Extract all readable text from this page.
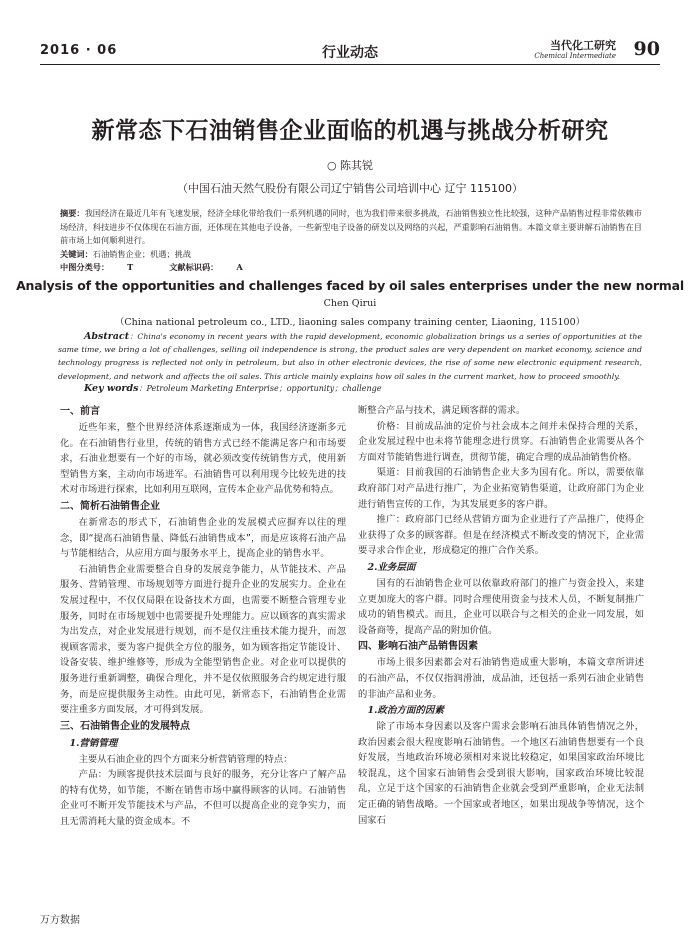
2016 · 06	行业动态	当代化工研究
Chemical Intermediate 90
新常态下石油销售企业面临的机遇与挑战分析研究
○ 陈其锐
（中国石油天然气股份有限公司辽宁销售公司培训中心 辽宁 115100）
摘要：我国经济在最近几年有飞速发展，经济全球化带给我们一系列机遇的同时，也为我们带来很多挑战，石油销售独立性比较强，这种产品销售过程非常依赖市场经济，科技进步不仅体现在石油方面，还体现在其他电子设备，一些新型电子设备的研发以及网络的兴起，严重影响石油销售。本篇文章主要讲解石油销售在目前市场上如何顺利进行。
关键词：石油销售企业；机遇；挑战
中图分类号： T	文献标识码： A
Analysis of the opportunities and challenges faced by oil sales enterprises under the new normal
Chen Qirui
（China national petroleum co., LTD., liaoning sales company training center, Liaoning, 115100）
Abstract：China's economy in recent years with the rapid development, economic globalization brings us a series of opportunities at the same time, we bring a lot of challenges, selling oil independence is strong, the product sales are very dependent on market economy, science and technology progress is reflected not only in petroleum, but also in other electronic devices, the rise of some new electronic equipment research, development, and network and affects the oil sales. This article mainly explains how oil sales in the current market, how to proceed smoothly.
Key words：Petroleum Marketing Enterprise；opportunity；challenge
一、前言

近些年来，整个世界经济体系逐渐成为一体，我国经济逐渐多元化。在石油销售行业里，传统的销售方式已经不能满足客户和市场要求，石油业想要有一个好的市场，就必须改变传统销售方式，使用新型销售方案，主动向市场进军。石油销售可以利用现今比较先进的技术对市场进行探索，比如利用互联网，宣传本企业产品优势和特点。

二、简析石油销售企业

在新常态的形式下，石油销售企业的发展模式应摒弃以往的理念，即“提高石油销售量、降低石油销售成本”，而是应该将石油产品与节能相结合，从应用方面与服务水平上，提高企业的销售水平。

石油销售企业需要整合自身的发展竞争能力，从节能技术、产品服务、营销管理、市场规划等方面进行提升企业的发展实力。企业在发展过程中，不仅仅局限在设备技术方面，也需要不断整合管理专业服务，同时在市场规划中也需要提升处理能力。应以顾客的真实需求为出发点，对企业发展进行规划，而不是仅注重技术能力提升，而忽视顾客需求，要为客户提供全方位的服务，如为顾客指定节能设计、设备安装、维护维修等，形成为全能型销售企业。对企业可以提供的服务进行重新调整，确保合理化，并不是仅依照服务合约规定进行服务，而是应提供服务主动性。由此可见，新常态下，石油销售企业需要注重多方面发展，才可得到发展。

三、石油销售企业的发展特点
1.营销管理

主要从石油企业的四个方面来分析营销管理的特点：

产品：为顾客提供技术层面与良好的服务，充分让客户了解产品的特有优势，如节能，不断在销售市场中赢得顾客的认同。石油销售企业可不断开发节能技术与产品，不但可以提高企业的竞争实力，而且无需消耗大量的资金成本。不

断整合产品与技术，满足顾客群的需求。

价格：目前成品油的定价与社会成本之间并未保持合理的关系，企业发展过程中也未将节能理念进行贯穿。石油销售企业需要从各个方面对节能销售进行调查，贯彻节能，确定合理的成品油销售价格。

渠道：目前我国的石油销售企业大多为国有化。所以，需要依靠政府部门对产品进行推广，为企业拓宽销售渠道，让政府部门为企业进行销售宣传的工作，为其发展更多的客户群。

推广：政府部门已经从营销方面为企业进行了产品推广，使得企业获得了众多的顾客群。但是在经济模式不断改变的情况下，企业需要寻求合作企业，形成稳定的推广合作关系。

2.业务层面

国有的石油销售企业可以依靠政府部门的推广与资金投入，来建立更加庞大的客户群。同时合理使用资金与技术人员，不断复制推广成功的销售模式。而且，企业可以联合与之相关的企业一同发展，如设备商等，提高产品的附加价值。

四、影响石油产品销售因素

市场上很多因素都会对石油销售造成重大影响，本篇文章所讲述的石油产品，不仅仅指润滑油，成品油，还包括一系列石油企业销售的非油产品和业务。

1.政治方面的因素

除了市场本身因素以及客户需求会影响石油具体销售情况之外，政治因素会很大程度影响石油销售。一个地区石油销售想要有一个良好发展，当地政治环境必须相对来说比较稳定，如果国家政治环境比较混乱，这个国家石油销售会受到很大影响，国家政治环境比较混乱，立足于这个国家的石油销售企业就会受到严重影响，企业无法制定正确的销售战略。一个国家或者地区，如果出现战争等情况，这个国家石

万方数据
